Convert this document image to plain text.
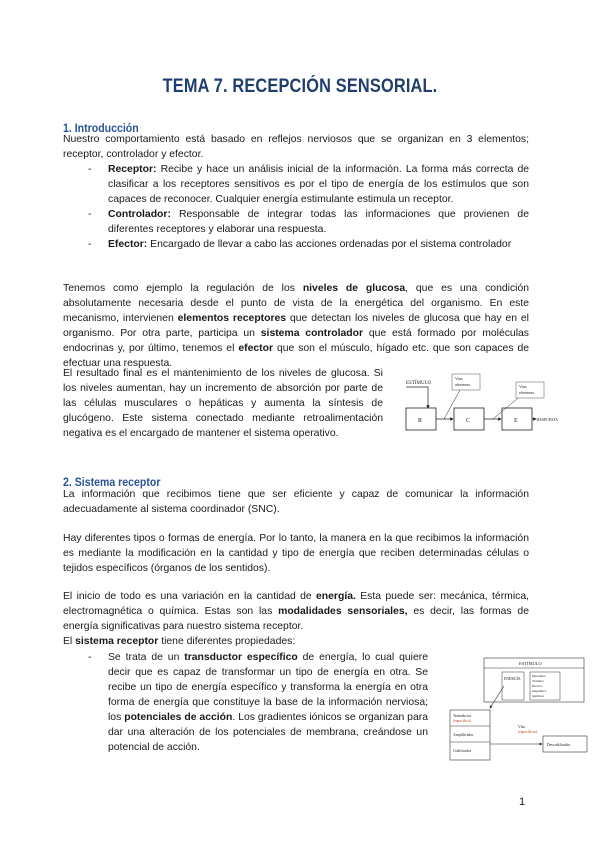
TEMA 7. RECEPCIÓN SENSORIAL.
1. Introducción
Nuestro comportamiento está basado en reflejos nerviosos que se organizan en 3 elementos; receptor, controlador y efector.
- Receptor: Recibe y hace un análisis inicial de la información. La forma más correcta de clasificar a los receptores sensitivos es por el tipo de energía de los estímulos que son capaces de reconocer. Cualquier energía estimulante estimula un receptor.
- Controlador: Responsable de integrar todas las informaciones que provienen de diferentes receptores y elaborar una respuesta.
- Efector: Encargado de llevar a cabo las acciones ordenadas por el sistema controlador
Tenemos como ejemplo la regulación de los niveles de glucosa, que es una condición absolutamente necesaria desde el punto de vista de la energética del organismo. En este mecanismo, intervienen elementos receptores que detectan los niveles de glucosa que hay en el organismo. Por otra parte, participa un sistema controlador que está formado por moléculas endocrinas y, por último, tenemos el efector que son el músculo, hígado etc. que son capaces de efectuar una respuesta.
El resultado final es el mantenimiento de los niveles de glucosa. Si los niveles aumentan, hay un incremento de absorción por parte de las células musculares o hepáticas y aumenta la síntesis de glucógeno. Este sistema conectado mediante retroalimentación negativa es el encargado de mantener el sistema operativo.
ESTÍMULO
Vías
aferentes	Vías
eferentes
R	C	E	RESPUESTA
2. Sistema receptor
La información que recibimos tiene que ser eficiente y capaz de comunicar la información adecuadamente al sistema coordinador (SNC).
Hay diferentes tipos o formas de energía. Por lo tanto, la manera en la que recibimos la información es mediante la modificación en la cantidad y tipo de energía que reciben determinadas células o tejidos específicos (órganos de los sentidos).
El inicio de todo es una variación en la cantidad de energía. Esta puede ser: mecánica, térmica, electromagnética o química. Estas son las modalidades sensoriales, es decir, las formas de energía significativas para nuestro sistema receptor.
El sistema receptor tiene diferentes propiedades:
- Se trata de un transductor específico de energía, lo cual quiere decir que es capaz de transformar un tipo de energía en otra. Se recibe un tipo de energía específico y transforma la energía en otra forma de energía que constituye la base de la información nerviosa; los potenciales de acción. Los gradientes iónicos se organizan para dar una alteración de los potenciales de membrana, creándose un potencial de acción.
ESTÍMULO
ENERGÍA
Mecánica
Térmica
Electro-
magnética
Química
Transductor
(específico)
Amplificador
Codificador
Vías
(específicas)
Descodificador
1
